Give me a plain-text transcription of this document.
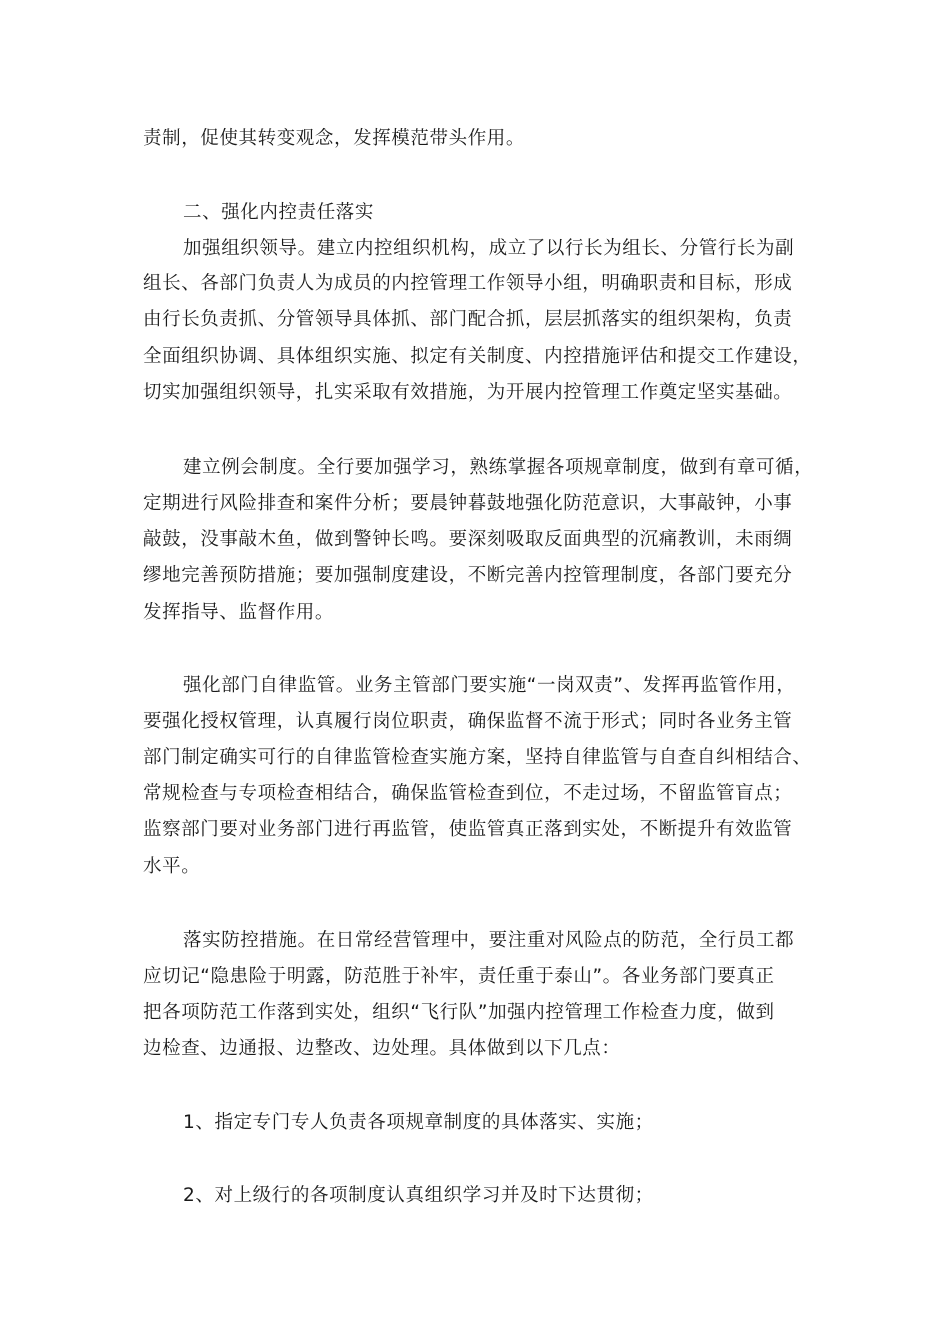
责制，促使其转变观念，发挥模范带头作用。
二、强化内控责任落实
加强组织领导。建立内控组织机构，成立了以行长为组长、分管行长为副
组长、各部门负责人为成员的内控管理工作领导小组，明确职责和目标，形成
由行长负责抓、分管领导具体抓、部门配合抓，层层抓落实的组织架构，负责
全面组织协调、具体组织实施、拟定有关制度、内控措施评估和提交工作建设，
切实加强组织领导，扎实采取有效措施，为开展内控管理工作奠定坚实基础。
建立例会制度。全行要加强学习，熟练掌握各项规章制度，做到有章可循，
定期进行风险排查和案件分析；要晨钟暮鼓地强化防范意识，大事敲钟，小事
敲鼓，没事敲木鱼，做到警钟长鸣。要深刻吸取反面典型的沉痛教训，未雨绸
缪地完善预防措施；要加强制度建设，不断完善内控管理制度，各部门要充分
发挥指导、监督作用。
强化部门自律监管。业务主管部门要实施“一岗双责”、发挥再监管作用，
要强化授权管理，认真履行岗位职责，确保监督不流于形式；同时各业务主管
部门制定确实可行的自律监管检查实施方案，坚持自律监管与自查自纠相结合、
常规检查与专项检查相结合，确保监管检查到位，不走过场，不留监管盲点；
监察部门要对业务部门进行再监管，使监管真正落到实处，不断提升有效监管
水平。
落实防控措施。在日常经营管理中，要注重对风险点的防范，全行员工都
应切记“隐患险于明露，防范胜于补牢，责任重于泰山”。各业务部门要真正
把各项防范工作落到实处，组织“飞行队”加强内控管理工作检查力度，做到
边检查、边通报、边整改、边处理。具体做到以下几点：
1、指定专门专人负责各项规章制度的具体落实、实施；
2、对上级行的各项制度认真组织学习并及时下达贯彻；
